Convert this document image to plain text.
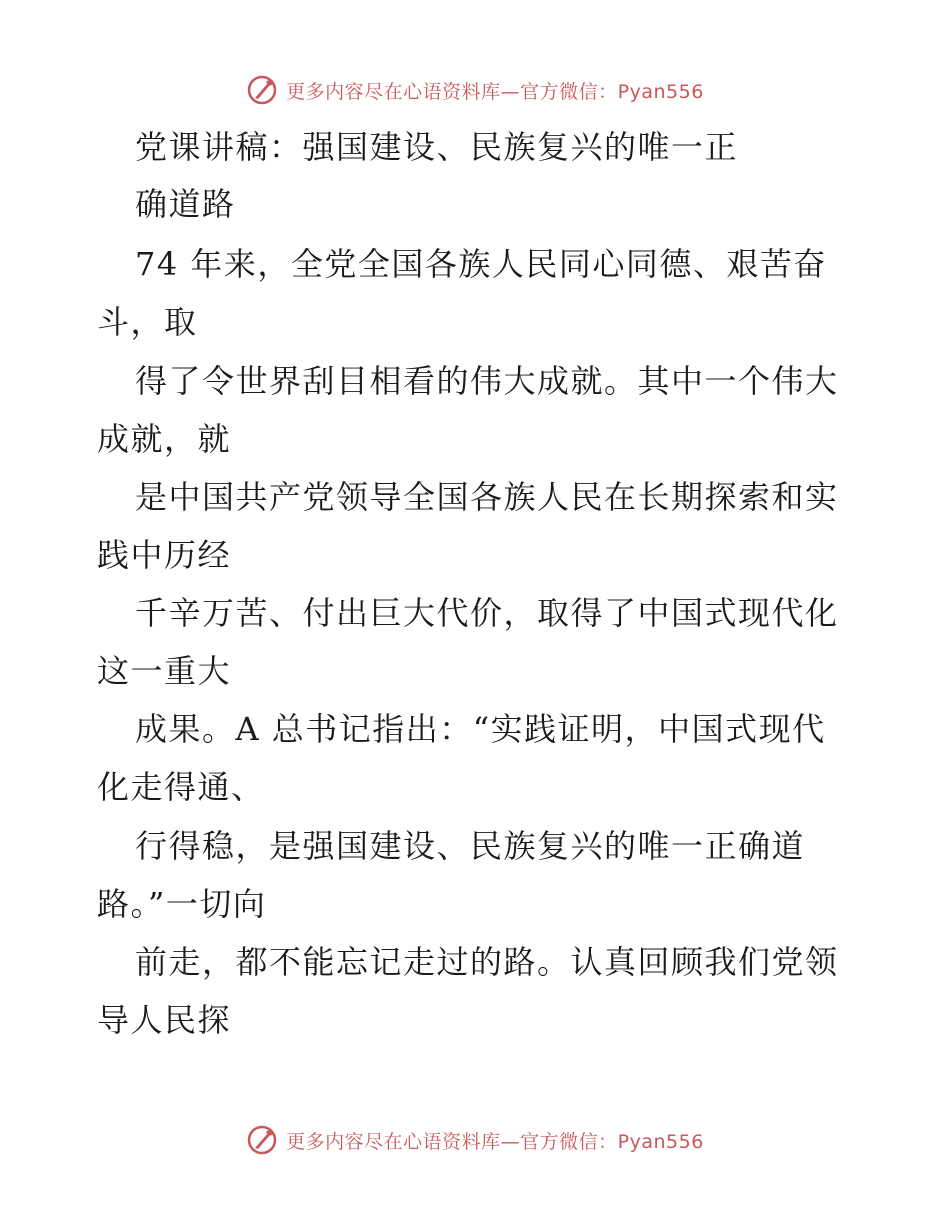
更多内容尽在心语资料库—官方微信：Pyan556
党课讲稿：强国建设、民族复兴的唯一正
确道路
74 年来，全党全国各族人民同心同德、艰苦奋
斗，取
得了令世界刮目相看的伟大成就。其中一个伟大
成就，就
是中国共产党领导全国各族人民在长期探索和实
践中历经
千辛万苦、付出巨大代价，取得了中国式现代化
这一重大
成果。A 总书记指出：“实践证明，中国式现代
化走得通、
行得稳，是强国建设、民族复兴的唯一正确道
路。”一切向
前走，都不能忘记走过的路。认真回顾我们党领
导人民探
更多内容尽在心语资料库—官方微信：Pyan556
